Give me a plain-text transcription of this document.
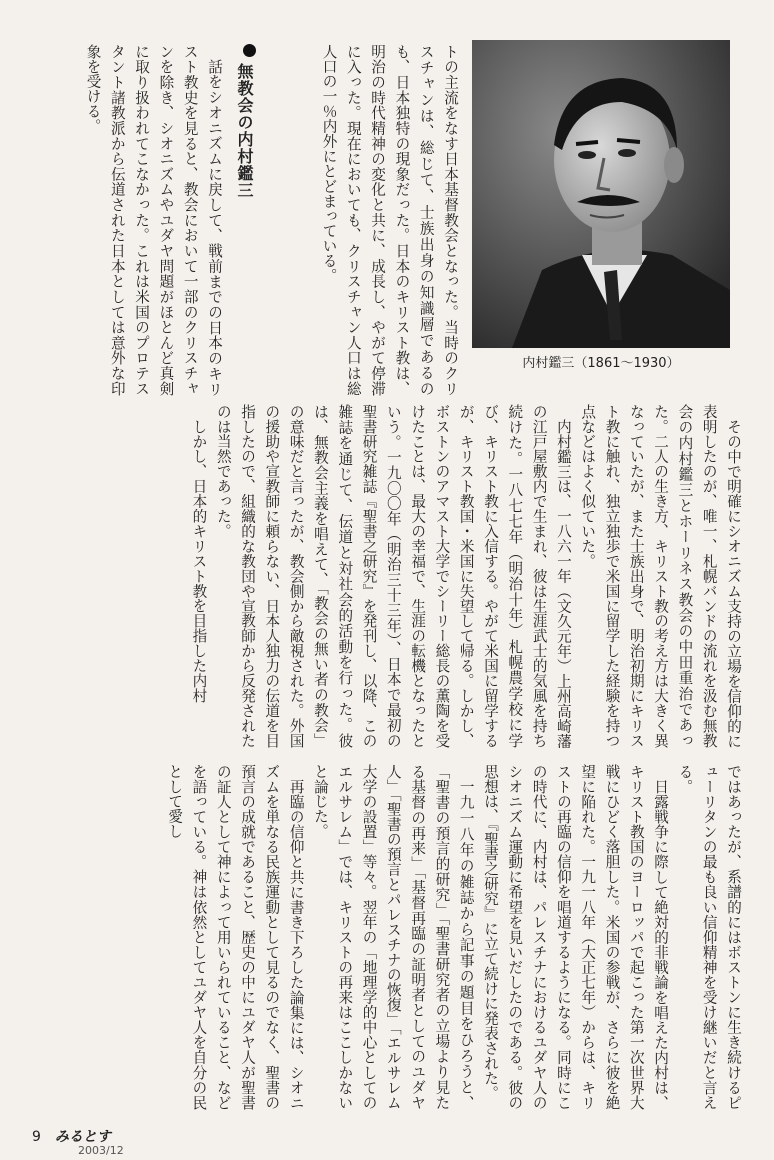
トの主流をなす日本基督教会となった。当時のクリスチャンは、総じて、士族出身の知識層であるのも、日本独特の現象だった。日本のキリスト教は、明治の時代精神の変化と共に、成長し、やがて停滞に入った。現在においても、クリスチャン人口は総人口の一％内外にとどまっている。

無教会の内村鑑三

話をシオニズムに戻して、戦前までの日本のキリスト教史を見ると、教会において一部のクリスチャンを除き、シオニズムやユダヤ問題がほとんど真剣に取り扱われてこなかった。これは米国のプロテスタント諸教派から伝道された日本としては意外な印象を受ける。

内村鑑三（1861〜1930）

その中で明確にシオニズム支持の立場を信仰的に表明したのが、唯一、札幌バンドの流れを汲む無教会の内村鑑三とホーリネス教会の中田重治であった。二人の生き方、キリスト教の考え方は大きく異なっていたが、また士族出身で、明治初期にキリスト教に触れ、独立独歩で米国に留学した経験を持つ点などはよく似ていた。

内村鑑三は、一八六一年（文久元年）上州高崎藩の江戸屋敷内で生まれ、彼は生涯武士的気風を持ち続けた。一八七七年（明治十年）札幌農学校に学び、キリスト教に入信する。やがて米国に留学するが、キリスト教国・米国に失望して帰る。しかし、ボストンのアマスト大学でシーリー総長の薫陶を受けたことは、最大の幸福で、生涯の転機となったという。一九〇〇年（明治三十三年）、日本で最初の聖書研究雑誌『聖書之研究』を発刊し、以降、この雑誌を通じて、伝道と対社会的活動を行った。彼は、無教会主義を唱えて、「教会の無い者の教会」の意味だと言ったが、教会側から敵視された。外国の援助や宣教師に頼らない、日本人独力の伝道を目指したので、組織的な教団や宣教師から反発されたのは当然であった。

しかし、日本的キリスト教を目指した内村

ではあったが、系譜的にはボストンに生き続けるピューリタンの最も良い信仰精神を受け継いだと言える。

日露戦争に際して絶対的非戦論を唱えた内村は、キリスト教国のヨーロッパで起こった第一次世界大戦にひどく落胆した。米国の参戦が、さらに彼を絶望に陥れた。一九一八年（大正七年）からは、キリストの再臨の信仰を唱道するようになる。同時にこの時代に、内村は、パレスチナにおけるユダヤ人のシオニズム運動に希望を見いだしたのである。彼の思想は、『聖書之研究』に立て続けに発表された。

一九一八年の雑誌から記事の題目をひろうと、「聖書の預言的研究」「聖書研究者の立場より見たる基督の再来」「基督再臨の証明者としてのユダヤ人」「聖書の預言とパレスチナの恢復」「エルサレム大学の設置」等々。翌年の「地理学的中心としてのエルサレム」では、キリストの再来はここしかないと論じた。

再臨の信仰と共に書き下ろした論集には、シオニズムを単なる民族運動として見るのでなく、聖書の預言の成就であること、歴史の中にユダヤ人が聖書の証人として神によって用いられていること、などを語っている。神は依然としてユダヤ人を自分の民として愛し

9 みるとす
2003/12
